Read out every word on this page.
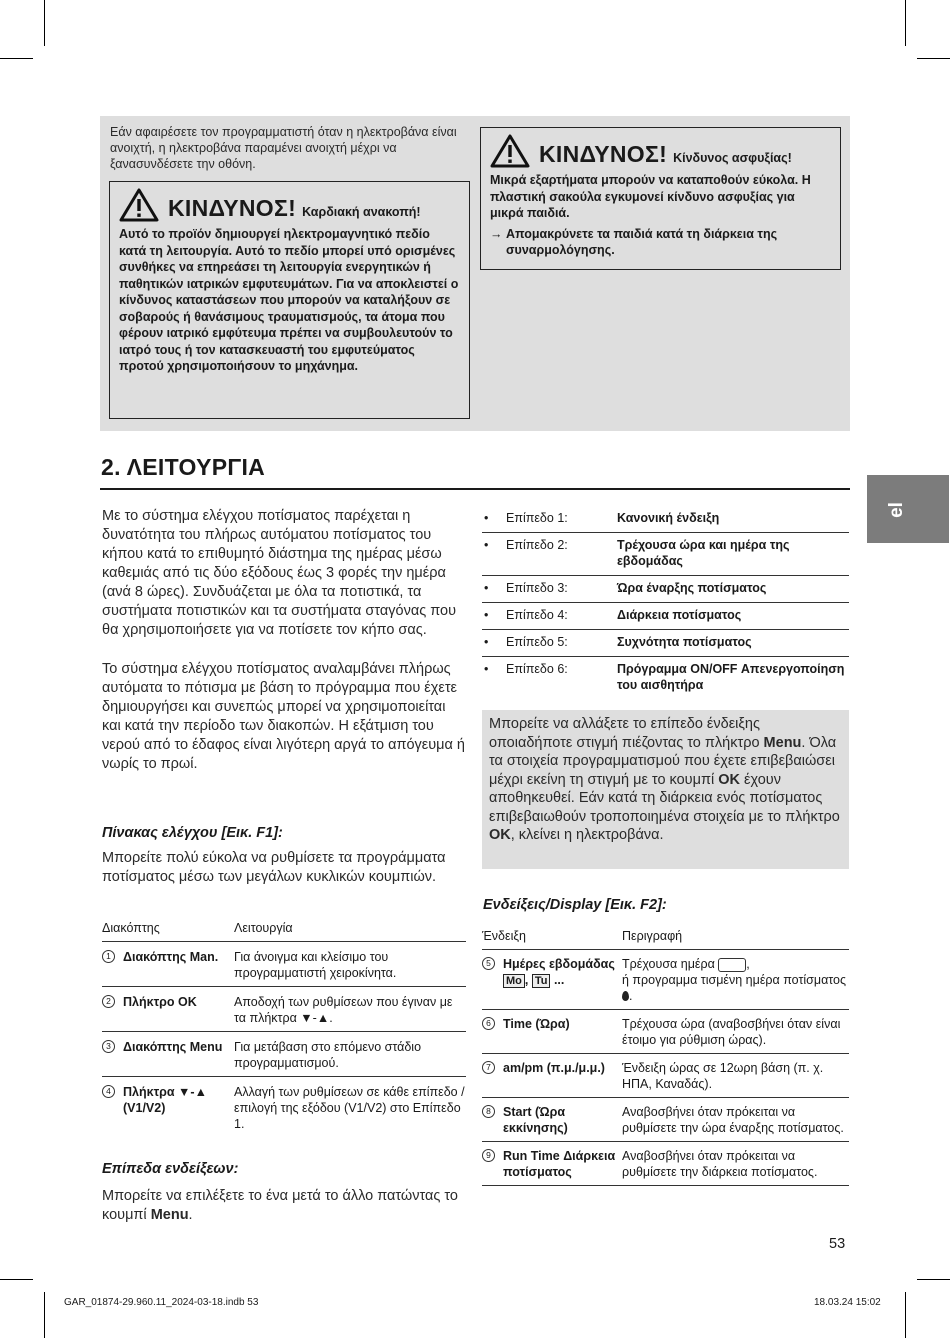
Εάν αφαιρέσετε τον προγραμματιστή όταν η ηλεκτροβάνα είναι ανοιχτή, η ηλεκτροβάνα παραμένει ανοιχτή μέχρι να ξανασυνδέσετε την οθόνη.
ΚΙΝΔΥΝΟΣ! Καρδιακή ανακοπή!
Αυτό το προϊόν δημιουργεί ηλεκτρομαγνητικό πεδίο κατά τη λειτουργία. Αυτό το πεδίο μπορεί υπό ορισμένες συνθήκες να επηρεάσει τη λειτουργία ενεργητικών ή παθητικών ιατρικών εμφυτευμάτων. Για να αποκλειστεί ο κίνδυνος καταστάσεων που μπορούν να καταλήξουν σε σοβαρούς ή θανάσιμους τραυματισμούς, τα άτομα που φέρουν ιατρικό εμφύτευμα πρέπει να συμβουλευτούν το ιατρό τους ή τον κατασκευαστή του εμφυτεύματος προτού χρησιμοποιήσουν το μηχάνημα.
ΚΙΝΔΥΝΟΣ! Κίνδυνος ασφυξίας!
Μικρά εξαρτήματα μπορούν να καταποθούν εύκολα. Η πλαστική σακούλα εγκυμονεί κίνδυνο ασφυξίας για μικρά παιδιά.
→ Απομακρύνετε τα παιδιά κατά τη διάρκεια της συναρμολόγησης.
2. ΛΕΙΤΟΥΡΓΙΑ
el
Με το σύστημα ελέγχου ποτίσματος παρέχεται η δυνατότητα του πλήρως αυτόματου ποτίσματος του κήπου κατά το επιθυμητό διάστημα της ημέρας μέσω καθεμιάς από τις δύο εξόδους έως 3 φορές την ημέρα (ανά 8 ώρες). Συνδυάζεται με όλα τα ποτιστικά, τα συστήματα ποτιστικών και τα συστήματα σταγόνας που θα χρησιμοποιήσετε για να ποτίσετε τον κήπο σας.
Το σύστημα ελέγχου ποτίσματος αναλαμβάνει πλήρως αυτόματα το πότισμα με βάση το πρόγραμμα που έχετε δημιουργήσει και συνεπώς μπορεί να χρησιμοποιείται και κατά την περίοδο των διακοπών. Η εξάτμιση του νερού από το έδαφος είναι λιγότερη αργά το απόγευμα ή νωρίς το πρωί.
Πίνακας ελέγχου [Εικ. F1]:
Μπορείτε πολύ εύκολα να ρυθμίσετε τα προγράμματα ποτίσματος μέσω των μεγάλων κυκλικών κουμπιών.
Διακόπτης	Λειτουργία

1 Διακόπτης Man.	Για άνοιγμα και κλείσιμο του προγραμματιστή χειροκίνητα.

2 Πλήκτρο OK	Αποδοχή των ρυθμίσεων που έγιναν με τα πλήκτρα ▼-▲.

3 Διακόπτης Menu	Για μετάβαση στο επόμενο στάδιο προγραμματισμού.

4 Πλήκτρα ▼-▲ (V1/V2)	Αλλαγή των ρυθμίσεων σε κάθε επίπεδο / επιλογή της εξόδου (V1/V2) στο Επίπεδο 1.
Επίπεδα ενδείξεων:
Μπορείτε να επιλέξετε το ένα μετά το άλλο πατώντας το κουμπί Menu.
•	Επίπεδο 1:	Κανονική ένδειξη
•	Επίπεδο 2:	Τρέχουσα ώρα και ημέρα της εβδομάδας
•	Επίπεδο 3:	Ώρα έναρξης ποτίσματος
•	Επίπεδο 4:	Διάρκεια ποτίσματος
•	Επίπεδο 5:	Συχνότητα ποτίσματος
•	Επίπεδο 6:	Πρόγραμμα ON/OFF Απενεργοποίηση του αισθητήρα
Μπορείτε να αλλάξετε το επίπεδο ένδειξης οποιαδήποτε στιγμή πιέζοντας το πλήκτρο Menu. Όλα τα στοιχεία προγραμματισμού που έχετε επιβεβαιώσει μέχρι εκείνη τη στιγμή με το κουμπί OK έχουν αποθηκευθεί. Εάν κατά τη διάρκεια ενός ποτίσματος επιβεβαιωθούν τροποποιημένα στοιχεία με το πλήκτρο OK, κλείνει η ηλεκτροβάνα.
Ενδείξεις/Display [Εικ. F2]:
Ένδειξη	Περιγραφή

5 Ημέρες εβδομάδας
Mo , Tu ...	Τρέχουσα ημέρα ,
ή προγραμμα τισμένη ημέρα ποτίσματος .

6 Time (Ώρα)	Τρέχουσα ώρα (αναβοσβήνει όταν είναι έτοιμο για ρύθμιση ώρας).

7 am/pm (π.μ./μ.μ.)	Ένδειξη ώρας σε 12ωρη βάση (π. χ. ΗΠΑ, Καναδάς).

8 Start (Ώρα εκκίνησης)	Αναβοσβήνει όταν πρόκειται να ρυθμίσετε την ώρα έναρξης ποτίσματος.

9 Run Time Διάρκεια ποτίσματος	Αναβοσβήνει όταν πρόκειται να ρυθμίσετε την διάρκεια ποτίσματος.
53
GAR_01874-29.960.11_2024-03-18.indb 53	18.03.24 15:02
